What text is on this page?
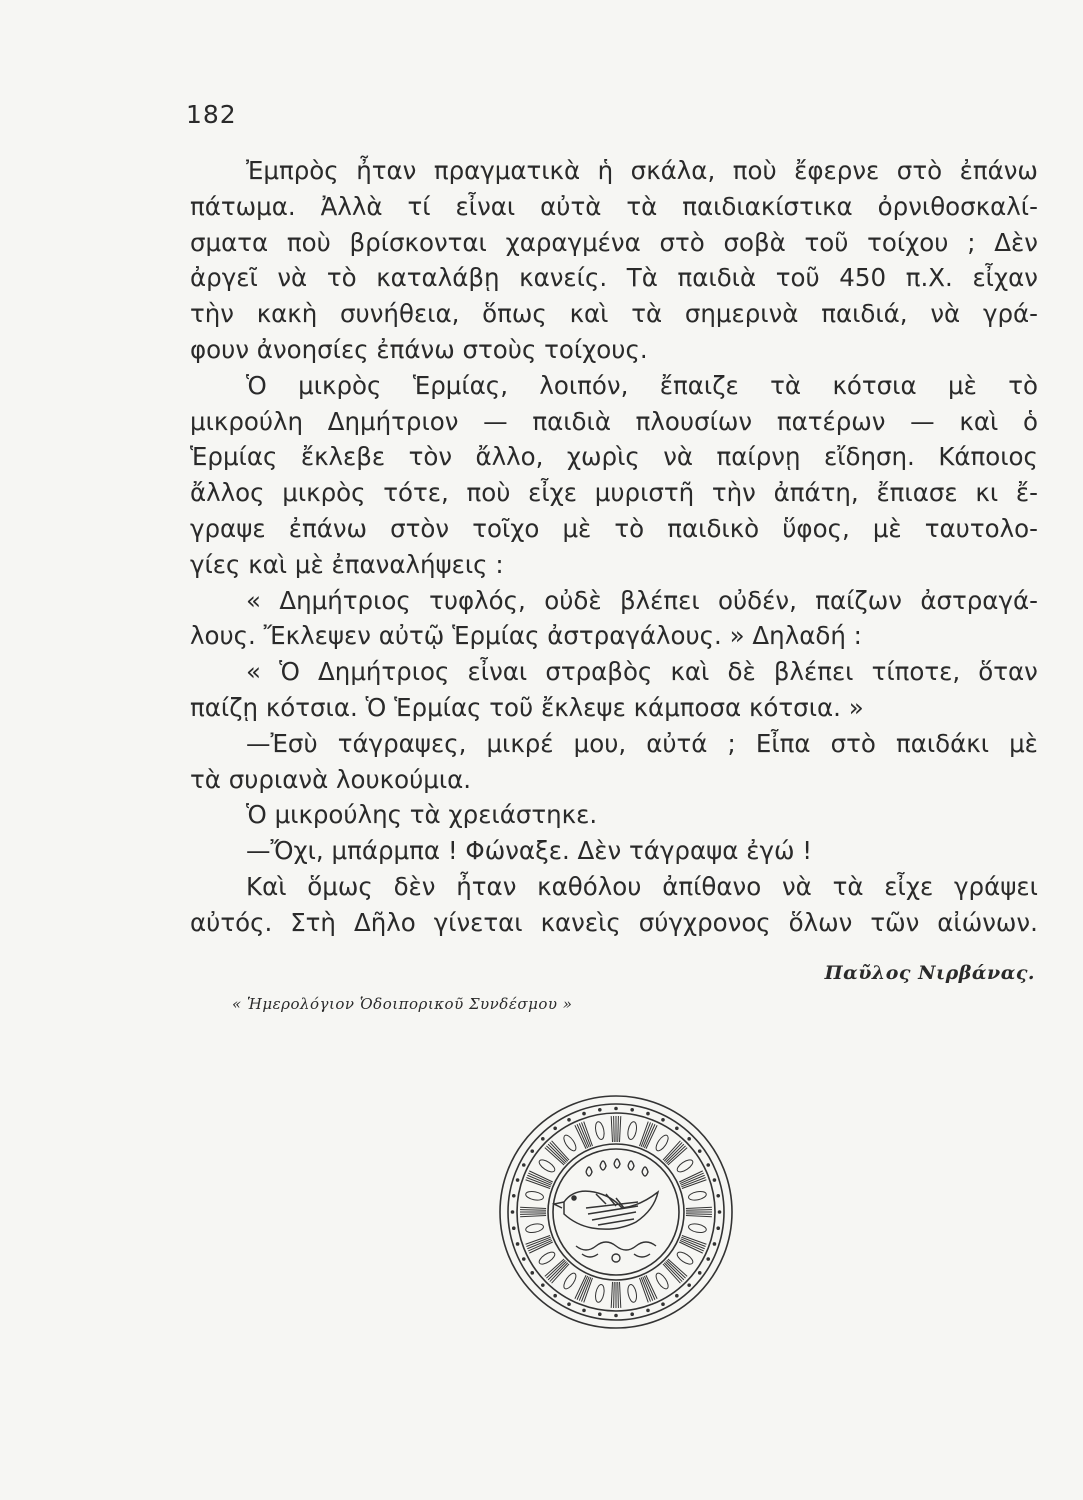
182
Ἐμπρὸς ἦταν πραγματικὰ ἡ σκάλα, ποὺ ἔφερνε στὸ ἐπάνω
πάτωμα. Ἀλλὰ τί εἶναι αὐτὰ τὰ παιδιακίστικα ὀρνιθοσκαλί-
σματα ποὺ βρίσκονται χαραγμένα στὸ σοβὰ τοῦ τοίχου ; Δὲν
ἀργεῖ νὰ τὸ καταλάβῃ κανείς. Τὰ παιδιὰ τοῦ 450 π.Χ. εἶχαν
τὴν κακὴ συνήθεια, ὅπως καὶ τὰ σημερινὰ παιδιά, νὰ γρά-
φουν ἀνοησίες ἐπάνω στοὺς τοίχους.
Ὁ μικρὸς Ἑρμίας, λοιπόν, ἔπαιζε τὰ κότσια μὲ τὸ
μικρούλη Δημήτριον — παιδιὰ πλουσίων πατέρων — καὶ ὁ
Ἑρμίας ἔκλεβε τὸν ἄλλο, χωρὶς νὰ παίρνῃ εἴδηση. Κάποιος
ἄλλος μικρὸς τότε, ποὺ εἶχε μυριστῆ τὴν ἀπάτη, ἔπιασε κι ἔ-
γραψε ἐπάνω στὸν τοῖχο μὲ τὸ παιδικὸ ὕφος, μὲ ταυτολο-
γίες καὶ μὲ ἐπαναλήψεις :
« Δημήτριος τυφλός, οὐδὲ βλέπει οὐδέν, παίζων ἀστραγά-
λους. Ἔκλεψεν αὐτῷ Ἑρμίας ἀστραγάλους. » Δηλαδή :
« Ὁ Δημήτριος εἶναι στραβὸς καὶ δὲ βλέπει τίποτε, ὅταν
παίζῃ κότσια. Ὁ Ἑρμίας τοῦ ἔκλεψε κάμποσα κότσια. »
—Ἐσὺ τάγραψες, μικρέ μου, αὐτά ; Εἶπα στὸ παιδάκι μὲ
τὰ συριανὰ λουκούμια.
Ὁ μικρούλης τὰ χρειάστηκε.
—Ὄχι, μπάρμπα ! Φώναξε. Δὲν τάγραψα ἐγώ !
Καὶ ὅμως δὲν ἦταν καθόλου ἀπίθανο νὰ τὰ εἶχε γράψει
αὐτός. Στὴ Δῆλο γίνεται κανεὶς σύγχρονος ὅλων τῶν αἰώνων.
Παῦλος Νιρβάνας.
« Ἡμερολόγιον Ὁδοιπορικοῦ Συνδέσμου »
